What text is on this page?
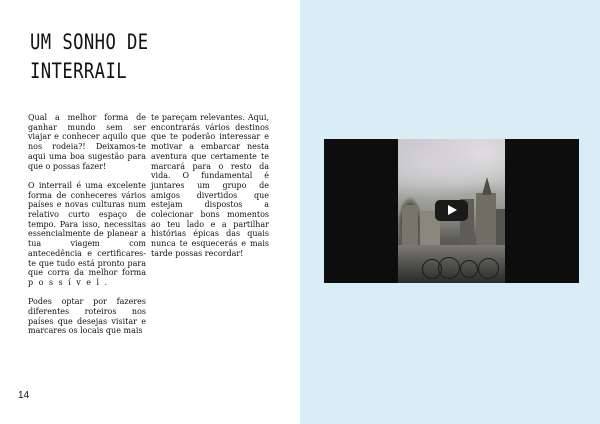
UM SONHO DE
INTERRAIL

Qual a melhor forma de ganhar mundo sem ser viajar e conhecer aquilo que nos rodeia?! Deixamos-te aqui uma boa sugestão para que o possas fazer!

O interrail é uma excelente forma de conheceres vários países e novas culturas num relativo curto espaço de tempo. Para isso, necessitas essencialmente de planear a tua viagem com antecedência e certificares-te que tudo está pronto para que corra da melhor forma possível.

Podes optar por fazeres diferentes roteiros nos países que desejas visitar e marcares os locais que mais

te pareçam relevantes. Aqui, encontrarás vários destinos que te poderão interessar e motivar a embarcar nesta aventura que certamente te marcará para o resto da vida. O fundamental é juntares um grupo de amigos divertidos que estejam dispostos a colecionar bons momentos ao teu lado e a partilhar histórias épicas das quais nunca te esquecerás e mais tarde possas recordar!

14
